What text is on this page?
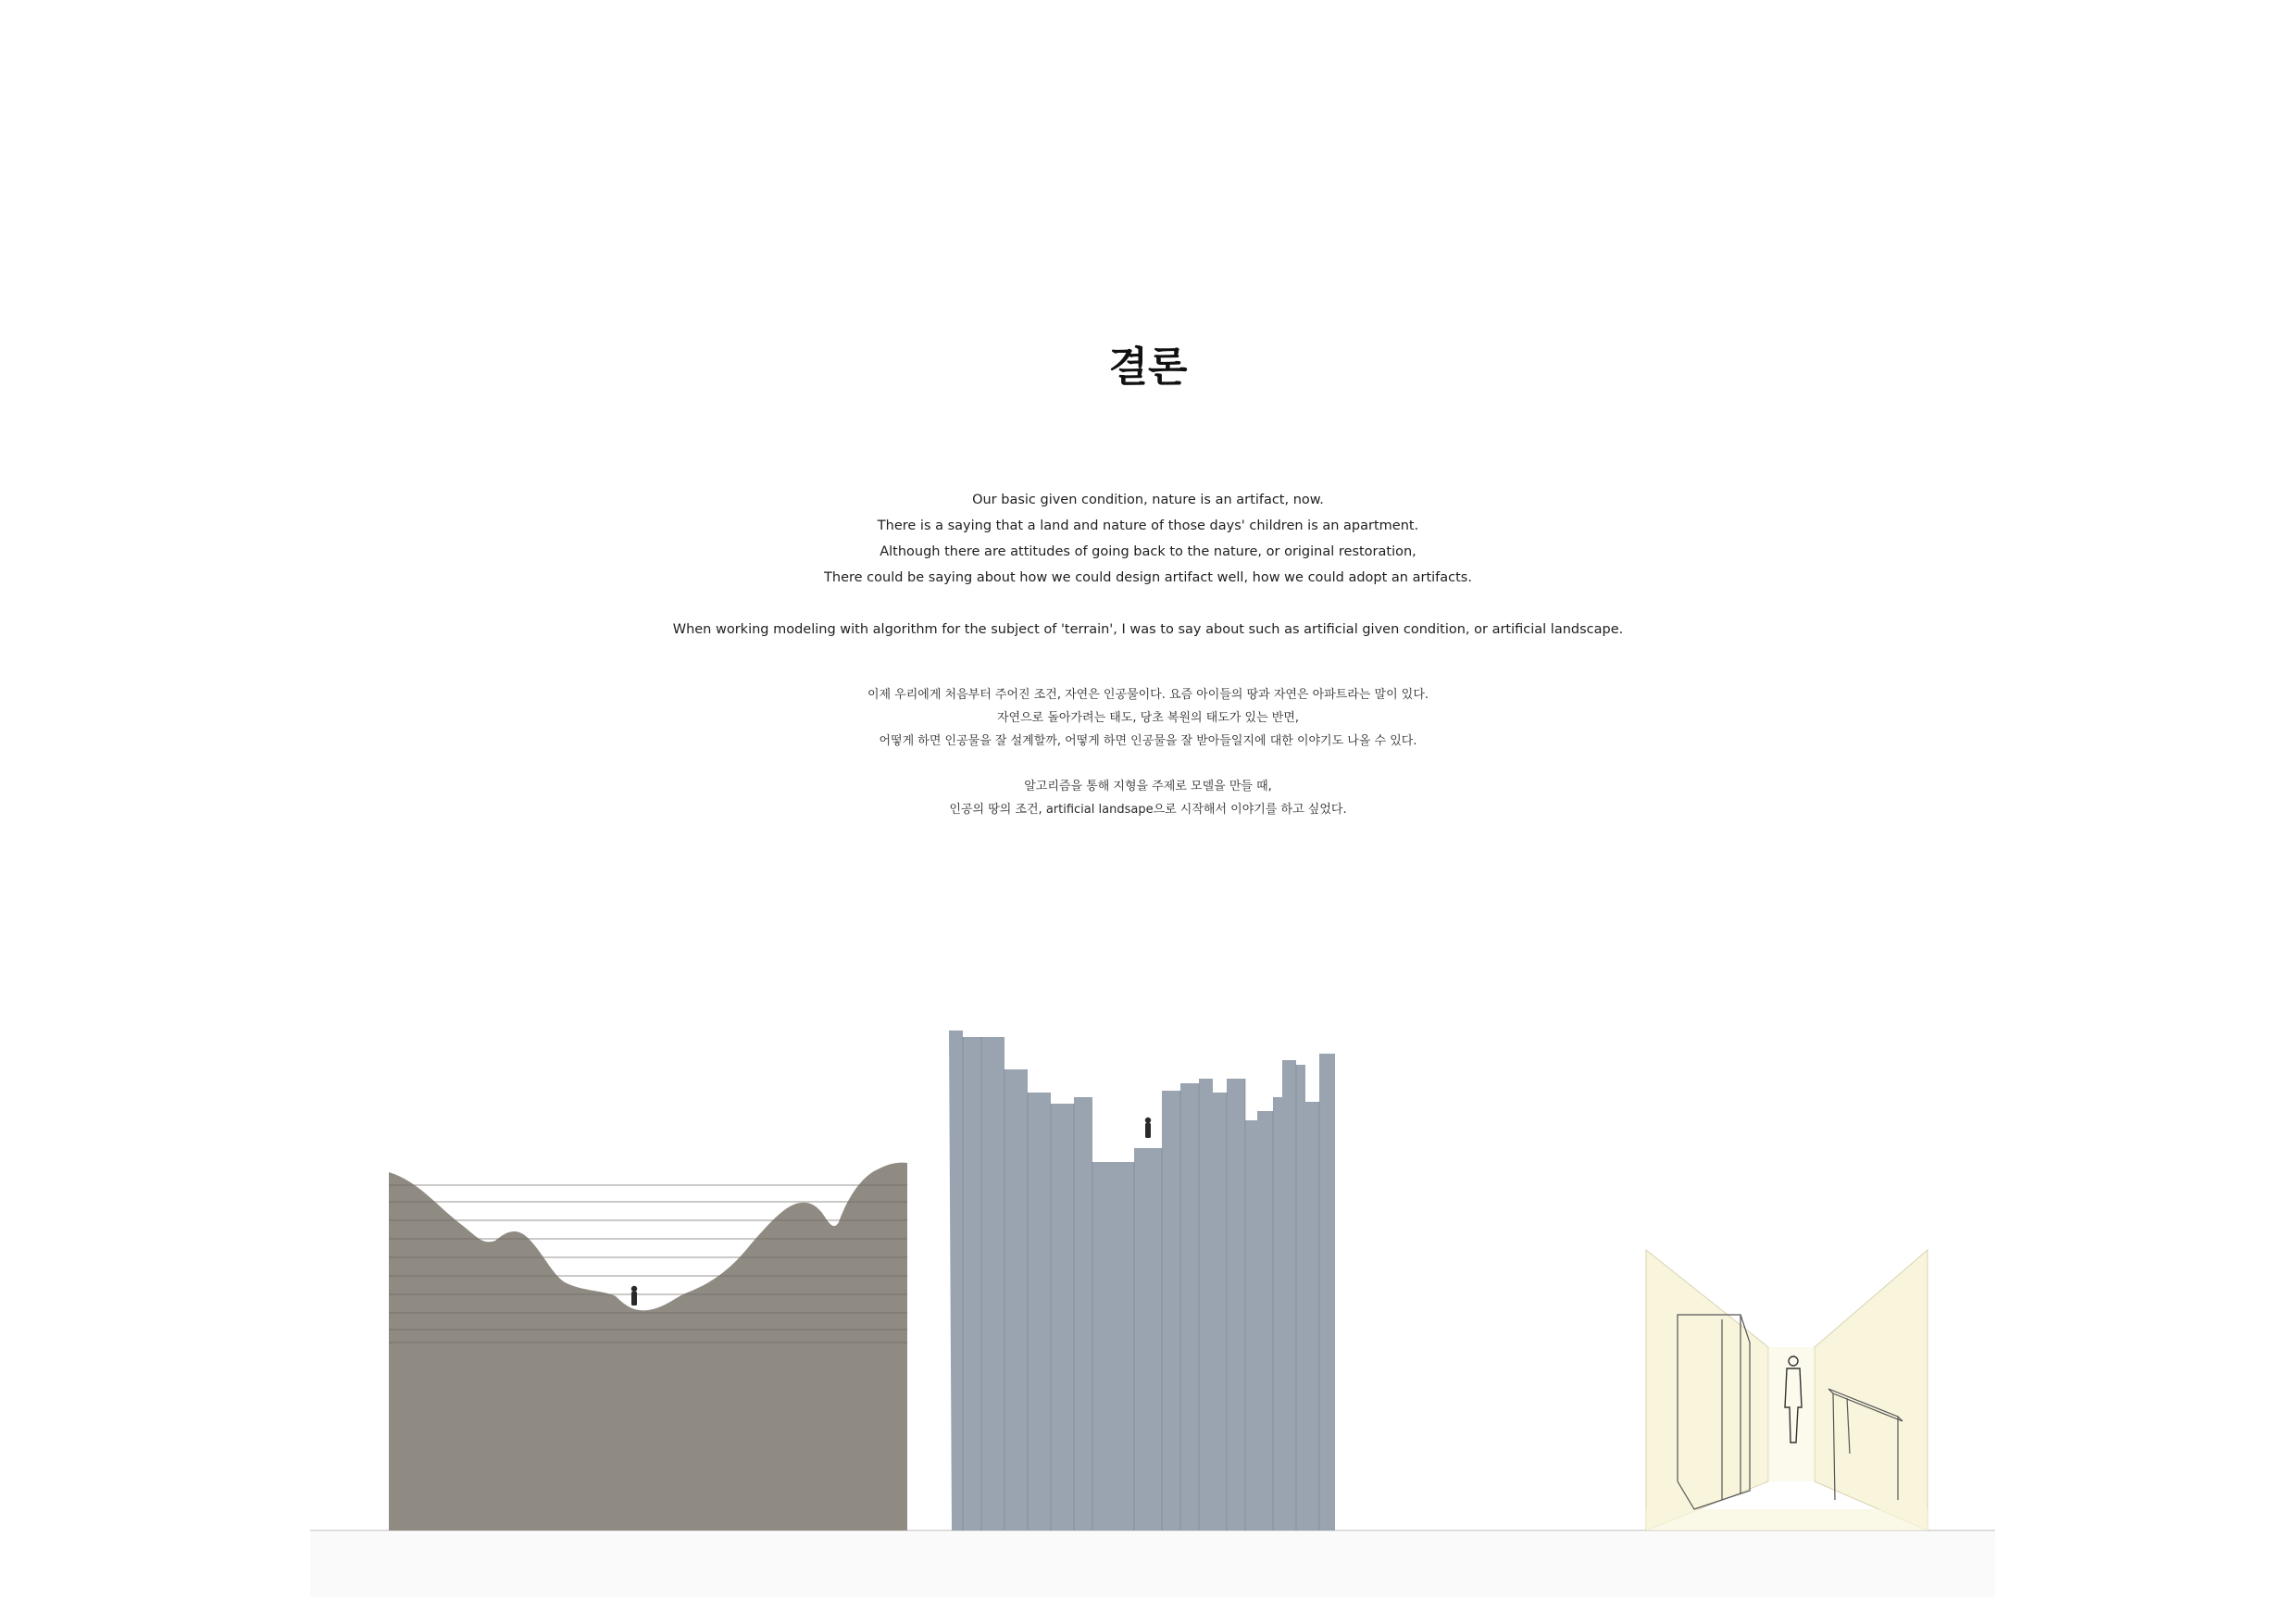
결론

Our basic given condition, nature is an artifact, now.

There is a saying that a land and nature of those days' children is an apartment.

Although there are attitudes of going back to the nature, or original restoration,

There could be saying about how we could design artifact well, how we could adopt an artifacts.

When working modeling with algorithm for the subject of 'terrain', I was to say about such as artificial given condition, or artificial landscape.

이제 우리에게 처음부터 주어진 조건, 자연은 인공물이다. 요즘 아이들의 땅과 자연은 아파트라는 말이 있다.

자연으로 돌아가려는 태도, 당초 복원의 태도가 있는 반면,

어떻게 하면 인공물을 잘 설계할까, 어떻게 하면 인공물을 잘 받아들일지에 대한 이야기도 나올 수 있다.

알고리즘을 통해 지형을 주제로 모델을 만들 때,

인공의 땅의 조건, artificial landsape으로 시작해서 이야기를 하고 싶었다.
